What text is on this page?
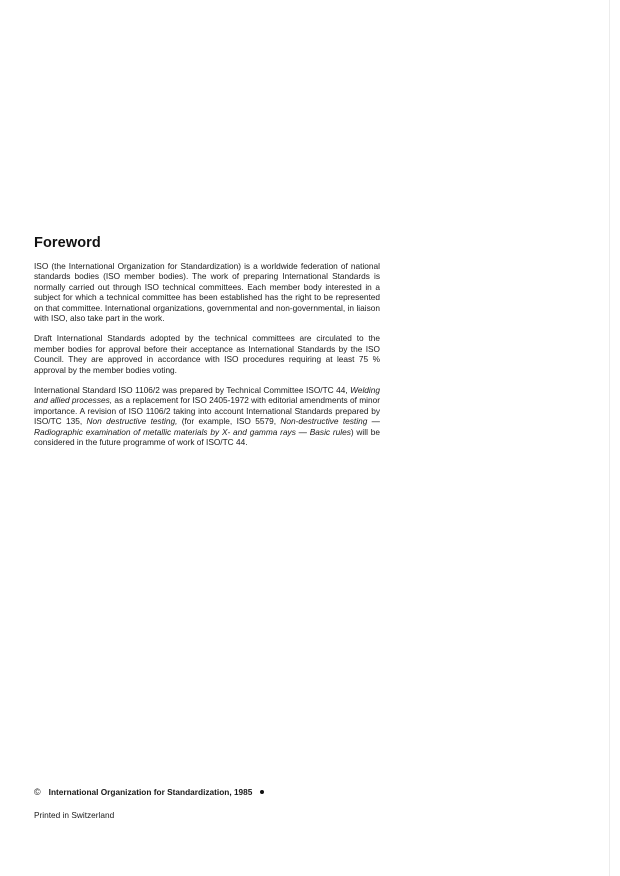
Foreword

ISO (the International Organization for Standardization) is a worldwide federation of national standards bodies (ISO member bodies). The work of preparing International Standards is normally carried out through ISO technical committees. Each member body interested in a subject for which a technical committee has been established has the right to be represented on that committee. International organizations, governmental and non-governmental, in liaison with ISO, also take part in the work.

Draft International Standards adopted by the technical committees are circulated to the member bodies for approval before their acceptance as International Standards by the ISO Council. They are approved in accordance with ISO procedures requiring at least 75 % approval by the member bodies voting.

International Standard ISO 1106/2 was prepared by Technical Committee ISO/TC 44, Welding and allied processes, as a replacement for ISO 2405-1972 with editorial amendments of minor importance. A revision of ISO 1106/2 taking into account International Standards prepared by ISO/TC 135, Non destructive testing, (for example, ISO 5579, Non-destructive testing — Radiographic examination of metallic materials by X- and gamma rays — Basic rules) will be considered in the future programme of work of ISO/TC 44.

© International Organization for Standardization, 1985
Printed in Switzerland
